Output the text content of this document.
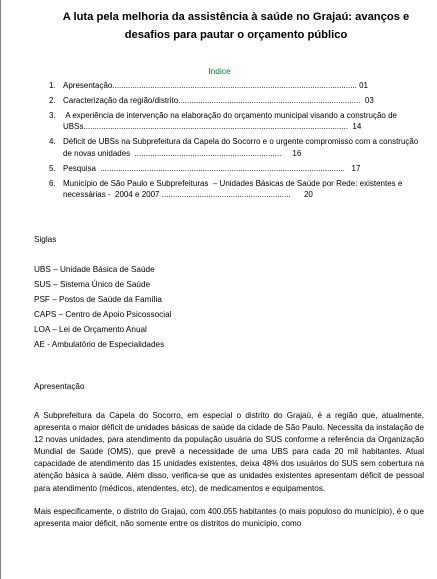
A luta pela melhoria da assistência à saúde no Grajaú: avanços e desafios para pautar o orçamento público
Indice
1. Apresentação.............................................................................................................. 01
2. Caracterização da região/distrito..................................................................................  03
3. A experiência de intervenção na elaboração do orçamento municipal visando a construção de UBSs.......................................................................................................................  14
4. Déficit de UBSs na Subprefeitura da Capela do Socorro e o urgente compromisso com a construção de novas unidades  ..................................................................     16
5. Pesquisa  ..............................................................................................................   17
6. Município de São Paulo e Subprefeituras  – Unidades Básicas de Saúde por Rede: existentes e necessárias -  2004 e 2007 ..........................................................      20
Siglas
UBS – Unidade Básica de Saúde
SUS – Sistema Único de Saúde
PSF – Postos de Saúde da Família
CAPS – Centro de Apoio Psicossocial
LOA – Lei de Orçamento Anual
AE - Ambulatório de Especialidades
Apresentação

A Subprefeitura da Capela do Socorro, em especial o distrito do Grajaú, é a região que, atualmente, apresenta o maior déficit de unidades básicas de saúde da cidade de São Paulo. Necessita da instalação de 12 novas unidades, para atendimento da população usuária do SUS conforme a referência da Organização Mundial de Saúde (OMS), que prevê a necessidade de uma UBS para cada 20 mil habitantes. Atual capacidade de atendimento das 15 unidades existentes, deixa 48% dos usuários do SUS sem cobertura na atenção básica à saúde. Além disso, verifica-se que as unidades existentes apresentam déficit de pessoal para atendimento (médicos, atendentes, etc), de medicamentos e equipamentos.

Mais especificamente, o distrito do Grajaú, com 400.055 habitantes (o mais populoso do município), é o que apresenta maior déficit, não somente entre os distritos do município, como
